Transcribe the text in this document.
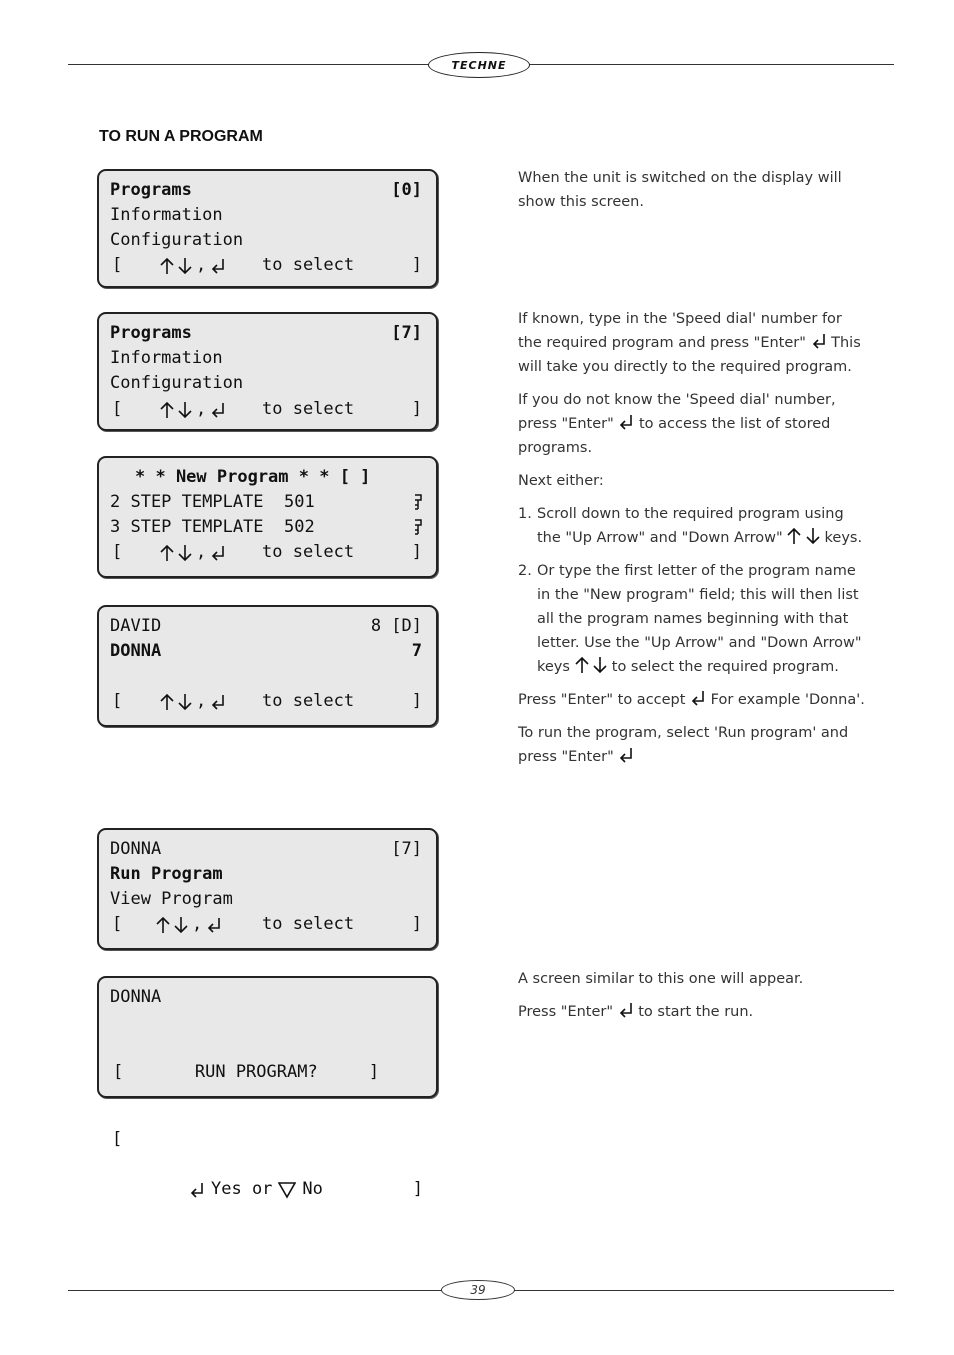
TECHNE
TO RUN A PROGRAM
Programs	[0]
Information
Configuration

[

	,

	to select

	]

Programs	[7]
Information
Configuration

[

	,

	to select

	]

* * New Program * * [ ]
2 STEP TEMPLATE  501
3 STEP TEMPLATE  502

[

	,

	to select

	]

DAVID	8 [D]
DONNA	7

[

	,

	to select

	]

DONNA	[7]
Run Program
View Program

[

	,

	to select

	]

DONNA
[       RUN PROGRAM?     ]

[

Yes or No

	]

When the unit is switched on the display will show this screen.

If known, type in the 'Speed dial' number for the required program and press "Enter" This will take you directly to the required program.

If you do not know the 'Speed dial' number, press "Enter" to access the list of stored programs.

Next either:

1. Scroll down to the required program using the "Up Arrow" and "Down Arrow"	keys.
2. Or type the first letter of the program name in the "New program" field; this will then list all the program names beginning with that letter. Use the "Up Arrow" and "Down Arrow" keys	to select the required program.

Press "Enter" to accept For example 'Donna'.

To run the program, select 'Run program' and press "Enter"

A screen similar to this one will appear.

Press "Enter" to start the run.

39
